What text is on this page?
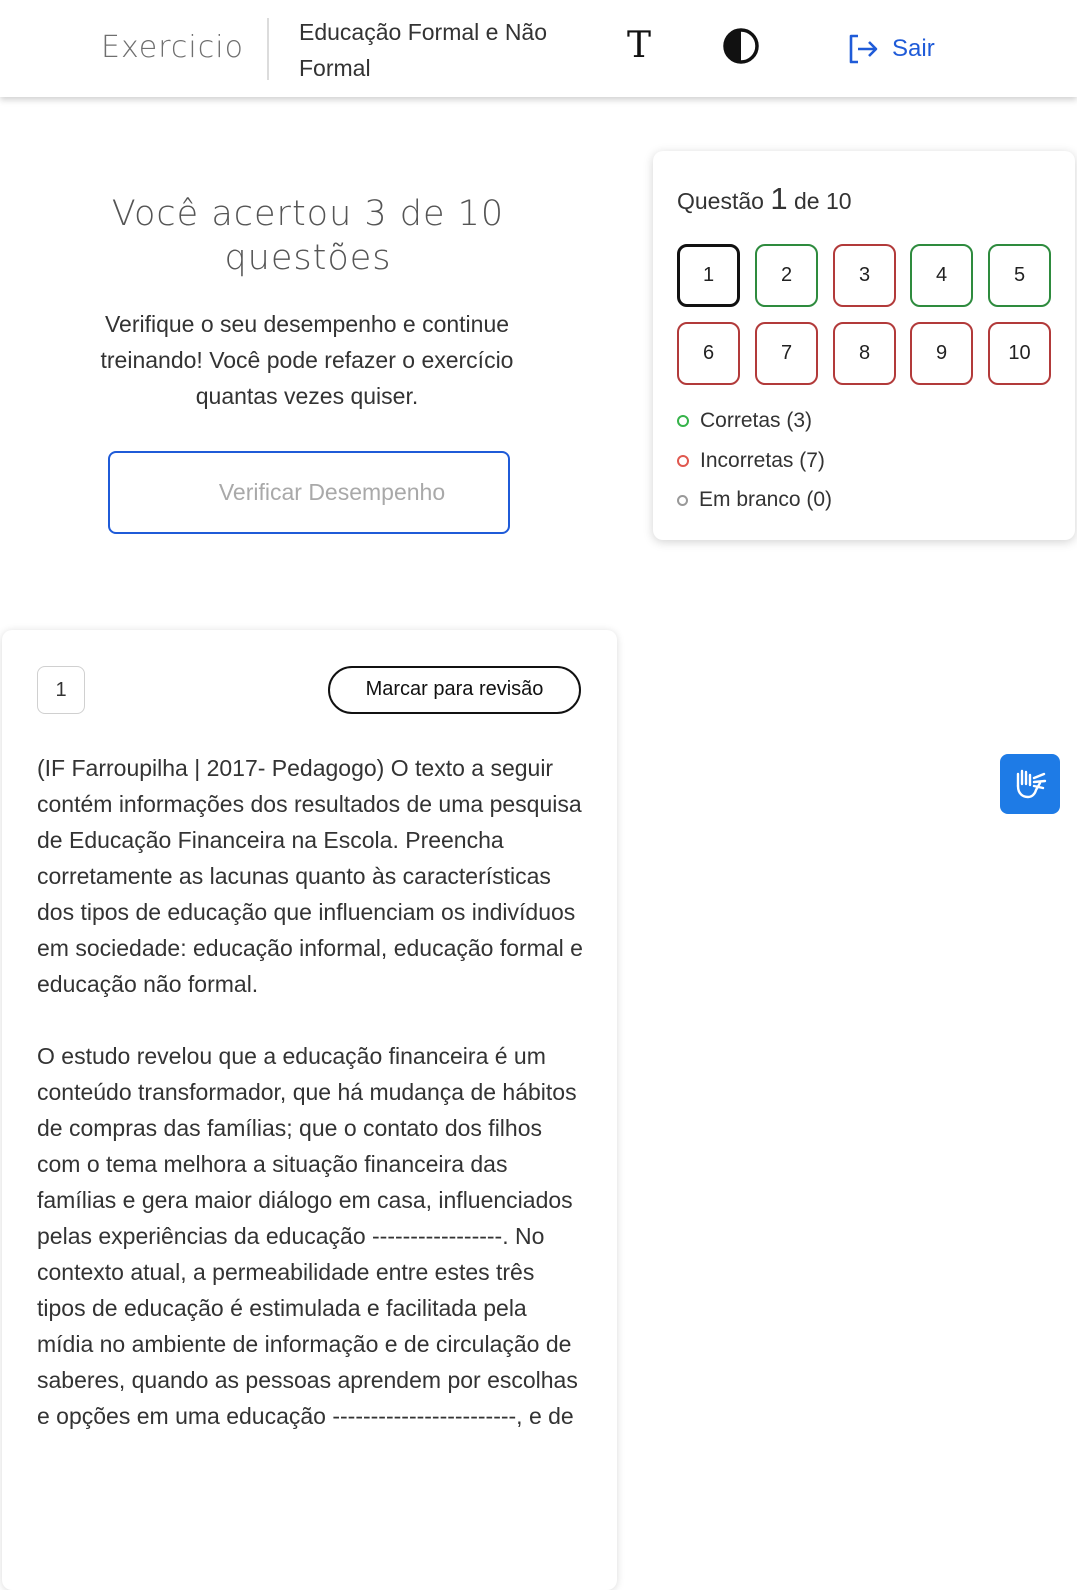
Exercicio Educação Formal e Não Formal
T	Sair
Você acertou 3 de 10 questões
Verifique o seu desempenho e continue treinando! Você pode refazer o exercício quantas vezes quiser.
Verificar Desempenho
Questão 1 de 10
1	2	3	4	5
6	7	8	9	10
Corretas (3)
Incorretas (7)
Em branco (0)
1	Marcar para revisão

(IF Farroupilha | 2017- Pedagogo) O texto a seguir contém informações dos resultados de uma pesquisa de Educação Financeira na Escola. Preencha corretamente as lacunas quanto às características dos tipos de educação que influenciam os indivíduos em sociedade: educação informal, educação formal e educação não formal.

O estudo revelou que a educação financeira é um conteúdo transformador, que há mudança de hábitos de compras das famílias; que o contato dos filhos com o tema melhora a situação financeira das famílias e gera maior diálogo em casa, influenciados pelas experiências da educação -----------------. No contexto atual, a permeabilidade entre estes três tipos de educação é estimulada e facilitada pela mídia no ambiente de informação e de circulação de saberes, quando as pessoas aprendem por escolhas e opções em uma educação ------------------------, e de
